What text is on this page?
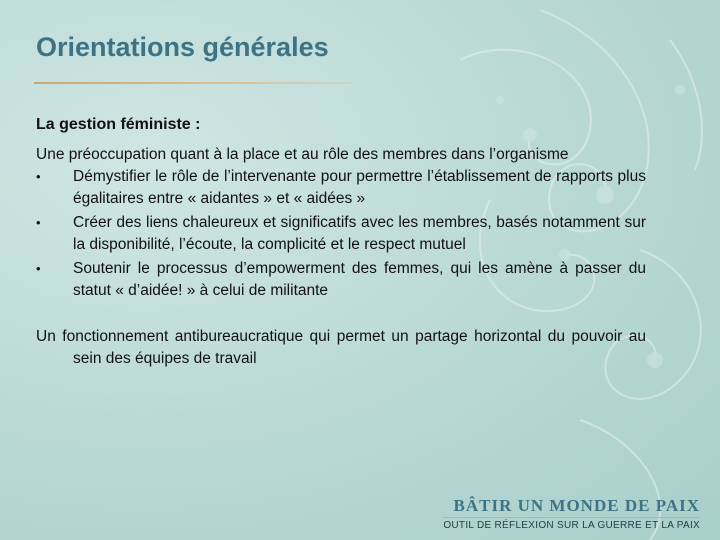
Orientations générales

La gestion féministe :

Une préoccupation quant à la place et au rôle des membres dans l’organisme

•	Démystifier le rôle de l’intervenante pour permettre l’établissement de rapports plus égalitaires entre « aidantes » et « aidées »
•	Créer des liens chaleureux et significatifs avec les membres, basés notamment sur la disponibilité, l’écoute, la complicité et le respect mutuel
•	Soutenir le processus d’empowerment des femmes, qui les amène à passer du statut « d’aidée! » à celui de militante

Un fonctionnement antibureaucratique qui permet un partage horizontal du pouvoir au sein des équipes de travail

BÂTIR UN MONDE DE PAIX
OUTIL DE RÉFLEXION SUR LA GUERRE ET LA PAIX
